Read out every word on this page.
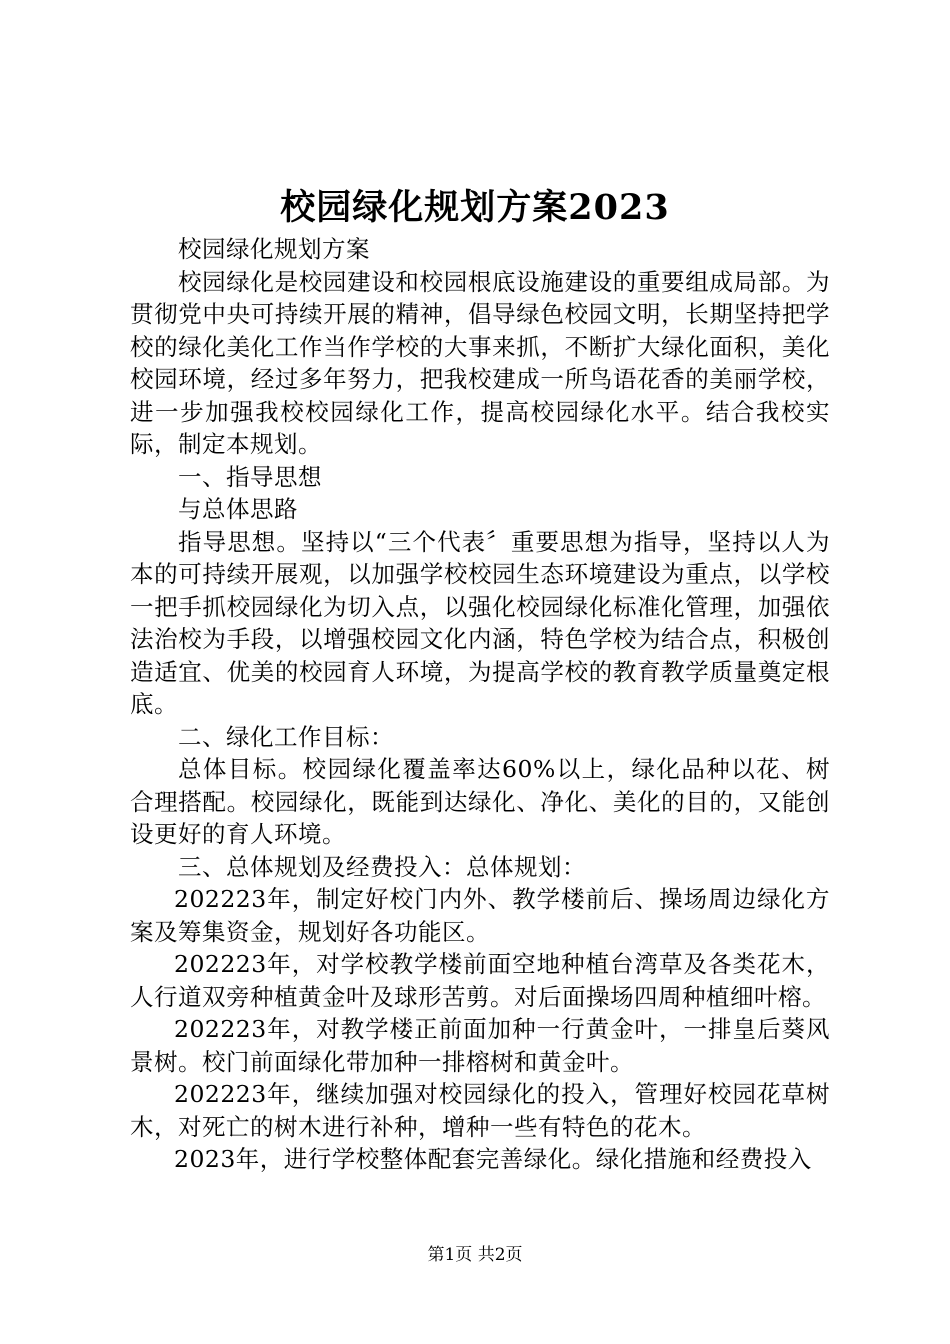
校园绿化规划方案2023

校园绿化规划方案

校园绿化是校园建设和校园根底设施建设的重要组成局部。为贯彻党中央可持续开展的精神，倡导绿色校园文明，长期坚持把学校的绿化美化工作当作学校的大事来抓，不断扩大绿化面积，美化校园环境，经过多年努力，把我校建成一所鸟语花香的美丽学校，进一步加强我校校园绿化工作，提高校园绿化水平。结合我校实际，制定本规划。

一、指导思想

与总体思路

指导思想。坚持以“三个代表〞重要思想为指导，坚持以人为本的可持续开展观，以加强学校校园生态环境建设为重点，以学校一把手抓校园绿化为切入点，以强化校园绿化标准化管理，加强依法治校为手段，以增强校园文化内涵，特色学校为结合点，积极创造适宜、优美的校园育人环境，为提高学校的教育教学质量奠定根底。

二、绿化工作目标：

总体目标。校园绿化覆盖率达60%以上，绿化品种以花、树合理搭配。校园绿化，既能到达绿化、净化、美化的目的，又能创设更好的育人环境。

三、总体规划及经费投入：总体规划：

202223年，制定好校门内外、教学楼前后、操场周边绿化方案及筹集资金，规划好各功能区。

202223年，对学校教学楼前面空地种植台湾草及各类花木，人行道双旁种植黄金叶及球形苦剪。对后面操场四周种植细叶榕。

202223年，对教学楼正前面加种一行黄金叶，一排皇后葵风景树。校门前面绿化带加种一排榕树和黄金叶。

202223年，继续加强对校园绿化的投入，管理好校园花草树木，对死亡的树木进行补种，增种一些有特色的花木。

2023年，进行学校整体配套完善绿化。绿化措施和经费投入

第1页 共2页
